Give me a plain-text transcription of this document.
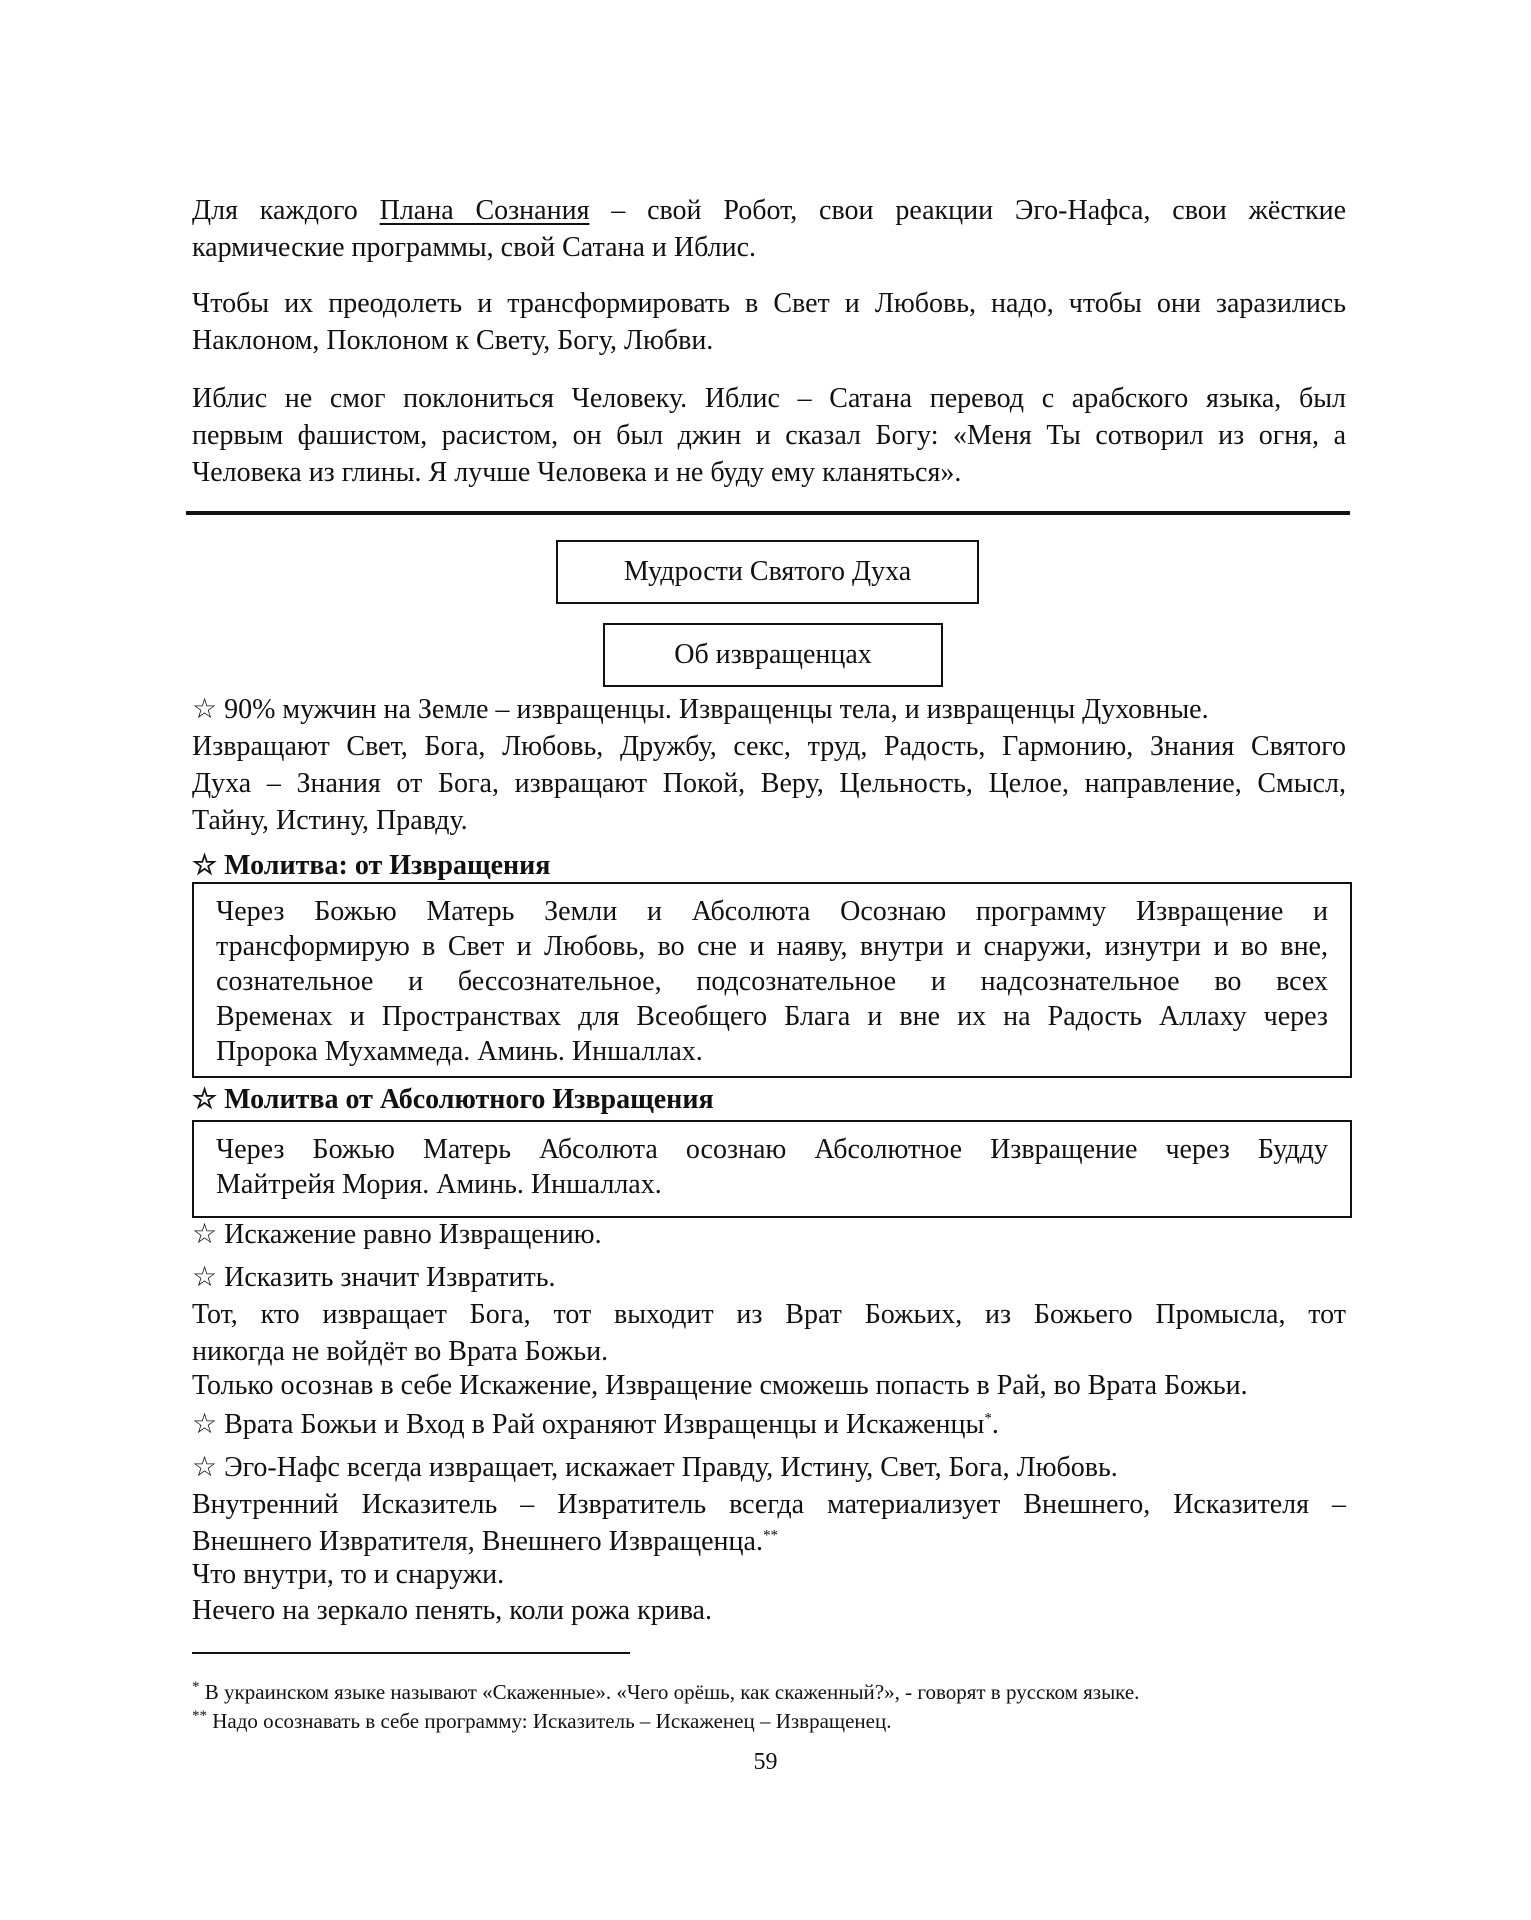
Для каждого Плана Сознания – свой Робот, свои реакции Эго-Нафса, свои жёсткие
кармические программы, свой Сатана и Иблис.
Чтобы их преодолеть и трансформировать в Свет и Любовь, надо, чтобы они заразились
Наклоном, Поклоном к Свету, Богу, Любви.
Иблис не смог поклониться Человеку. Иблис – Сатана перевод с арабского языка, был
первым фашистом, расистом, он был джин и сказал Богу: «Меня Ты сотворил из огня, а
Человека из глины. Я лучше Человека и не буду ему кланяться».
Мудрости Святого Духа
Об извращенцах
☆ 90% мужчин на Земле – извращенцы. Извращенцы тела, и извращенцы Духовные.
Извращают Свет, Бога, Любовь, Дружбу, секс, труд, Радость, Гармонию, Знания Святого
Духа – Знания от Бога, извращают Покой, Веру, Цельность, Целое, направление, Смысл,
Тайну, Истину, Правду.
☆ Молитва: от Извращения
Через Божью Матерь Земли и Абсолюта Осознаю программу Извращение и
трансформирую в Свет и Любовь, во сне и наяву, внутри и снаружи, изнутри и во вне,
сознательное и бессознательное, подсознательное и надсознательное во всех
Временах и Пространствах для Всеобщего Блага и вне их на Радость Аллаху через
Пророка Мухаммеда. Аминь. Иншаллах.
☆ Молитва от Абсолютного Извращения
Через Божью Матерь Абсолюта осознаю Абсолютное Извращение через Будду
Майтрейя Мория. Аминь. Иншаллах.
☆ Искажение равно Извращению.
☆ Исказить значит Извратить.
Тот, кто извращает Бога, тот выходит из Врат Божьих, из Божьего Промысла, тот
никогда не войдёт во Врата Божьи.
Только осознав в себе Искажение, Извращение сможешь попасть в Рай, во Врата Божьи.
☆ Врата Божьи и Вход в Рай охраняют Извращенцы и Искаженцы*.
☆ Эго-Нафс всегда извращает, искажает Правду, Истину, Свет, Бога, Любовь.
Внутренний Исказитель – Извратитель всегда материализует Внешнего, Исказителя –
Внешнего Извратителя, Внешнего Извращенца.**
Что внутри, то и снаружи.
Нечего на зеркало пенять, коли рожа крива.
* В украинском языке называют «Скаженные». «Чего орёшь, как скаженный?», - говорят в русском языке.
** Надо осознавать в себе программу: Исказитель – Искаженец – Извращенец.
59
